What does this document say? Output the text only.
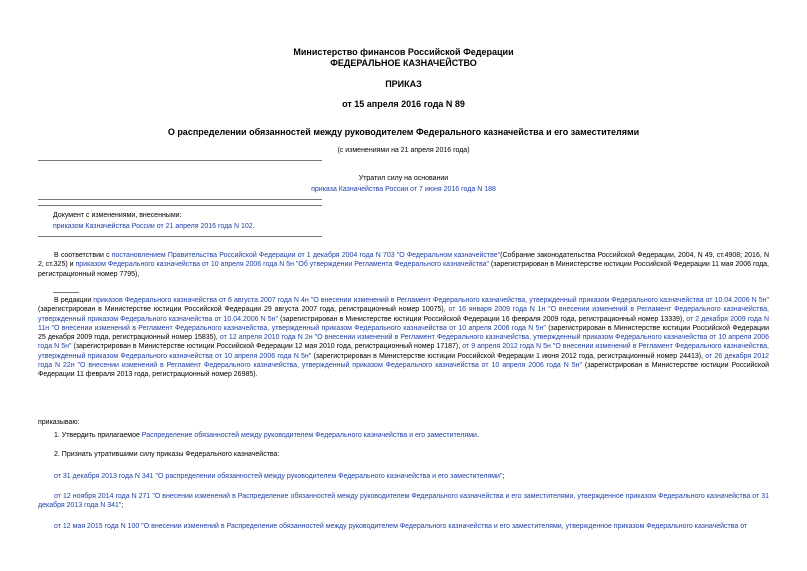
Министерство финансов Российской Федерации
ФЕДЕРАЛЬНОЕ КАЗНАЧЕЙСТВО
ПРИКАЗ
от 15 апреля 2016 года N 89
О распределении обязанностей между руководителем Федерального казначейства и его заместителями
(с изменениями на 21 апреля 2016 года)
Утратил силу на основании
приказа Казначейства России от 7 июня 2016 года N 188
Документ с изменениями, внесенными:
приказом Казначейства России от 21 апреля 2016 года N 102.
В соответствии с постановлением Правительства Российской Федерации от 1 декабря 2004 года N 703 "О Федеральном казначействе"(Собрание законодательства Российской Федерации, 2004, N 49, ст.4908; 2016, N 2, ст.325) и приказом Федерального казначейства от 10 апреля 2006 года N 5н "Об утверждении Регламента Федерального казначейства" (зарегистрирован в Министерстве юстиции Российской Федерации 11 мая 2006 года, регистрационный номер 7795),
В редакции приказов Федерального казначейства от 6 августа 2007 года N 4н "О внесении изменений в Регламент Федерального казначейства, утвержденный приказом Федерального казначейства от 10.04.2006 N 5н" (зарегистрирован в Министерстве юстиции Российской Федерации 29 августа 2007 года, регистрационный номер 10075), от 16 января 2009 года N 1н "О внесении изменений в Регламент Федерального казначейства, утвержденный приказом Федерального казначейства от 10.04.2006 N 5н" (зарегистрирован в Министерстве юстиции Российской Федерации 16 февраля 2009 года, регистрационный номер 13339), от 2 декабря 2009 года N 11н "О внесении изменений в Регламент Федерального казначейства, утвержденный приказом Федерального казначейства от 10 апреля 2006 года N 5н" (зарегистрирован в Министерстве юстиции Российской Федерации 25 декабря 2009 года, регистрационный номер 15835), от 12 апреля 2010 года N 2н "О внесении изменений в Регламент Федерального казначейства, утвержденный приказом Федерального казначейства от 10 апреля 2006 года N 5н" (зарегистрирован в Министерстве юстиции Российской Федерации 12 мая 2010 года, регистрационный номер 17187), от 9 апреля 2012 года N 5н "О внесении изменений в Регламент Федерального казначейства, утвержденный приказом Федерального казначейства от 10 апреля 2006 года N 5н" (зарегистрирован в Министерстве юстиции Российской Федерации 1 июня 2012 года, регистрационный номер 24413), от 26 декабря 2012 года N 22н "О внесении изменений в Регламент Федерального казначейства, утвержденный приказом Федерального казначейства от 10 апреля 2006 года N 5н" (зарегистрирован в Министерстве юстиции Российской Федерации 11 февраля 2013 года, регистрационный номер 26985).
приказываю:
1. Утвердить прилагаемое Распределение обязанностей между руководителем Федерального казначейства и его заместителями.
2. Признать утратившими силу приказы Федерального казначейства:
от 31 декабря 2013 года N 341 "О распределении обязанностей между руководителем Федерального казначейства и его заместителями";
от 12 ноября 2014 года N 271 "О внесении изменений в Распределение обязанностей между руководителем Федерального казначейства и его заместителями, утвержденное приказом Федерального казначейства от 31 декабря 2013 года N 341";
от 12 мая 2015 года N 100 "О внесении изменений в Распределение обязанностей между руководителем Федерального казначейства и его заместителями, утвержденное приказом Федерального казначейства от
